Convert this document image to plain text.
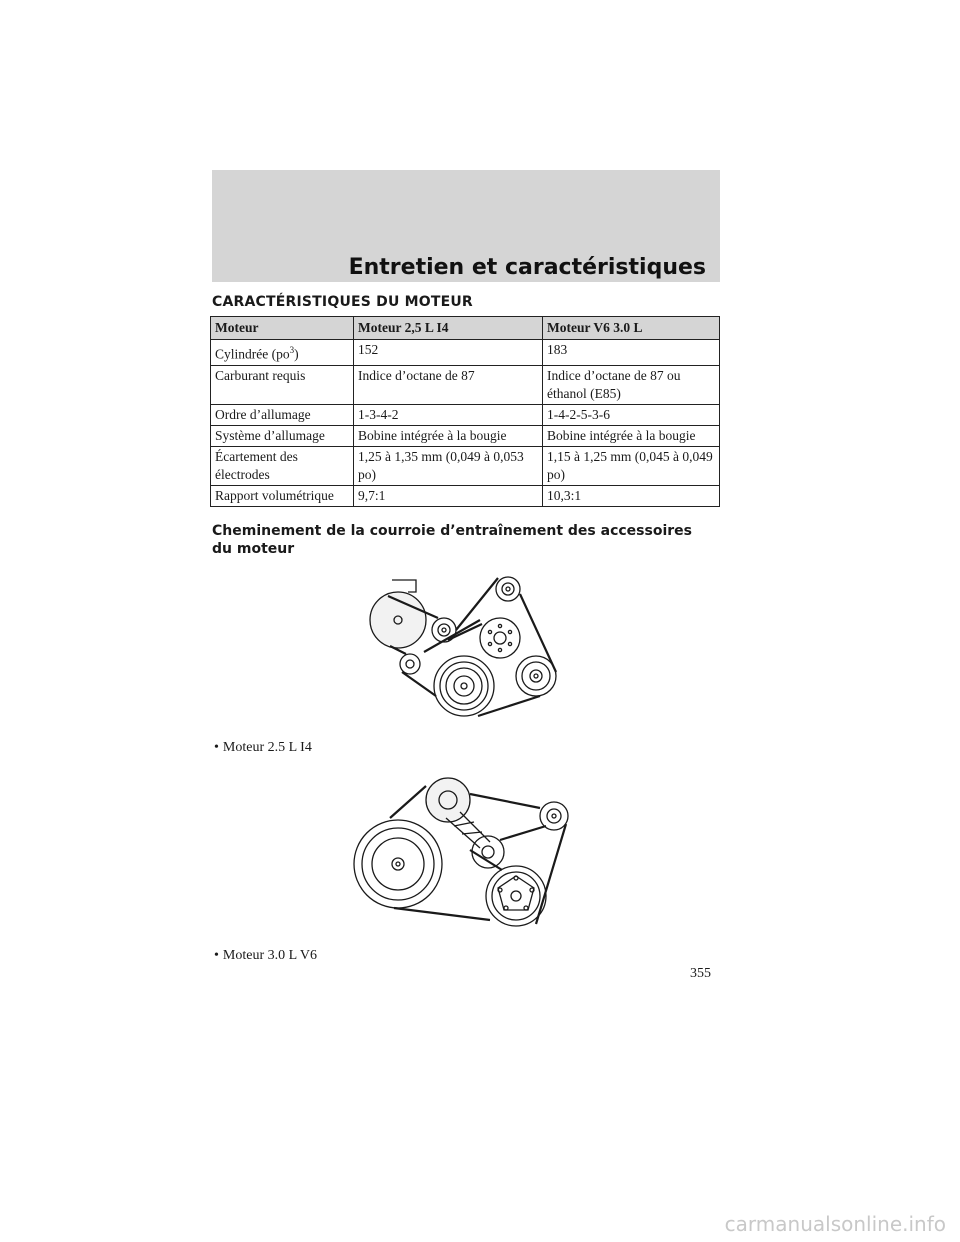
Entretien et caractéristiques
CARACTÉRISTIQUES DU MOTEUR
Moteur	Moteur 2,5 L I4	Moteur V6 3.0 L
Cylindrée $(po^3)$	152	183
Carburant requis	Indice d’octane de 87	Indice d’octane de 87 ou éthanol (E85)
Ordre d’allumage	1-3-4-2	1-4-2-5-3-6
Système d’allumage	Bobine intégrée à la bougie	Bobine intégrée à la bougie
Écartement des électrodes	1,25 à 1,35 mm (0,049 à 0,053 po)	1,15 à 1,25 mm (0,045 à 0,049 po)
Rapport volumétrique	9,7:1	10,3:1
Cheminement de la courroie d’entraînement des accessoires du moteur
• Moteur 2.5 L I4
• Moteur 3.0 L V6
355
carmanualsonline.info
